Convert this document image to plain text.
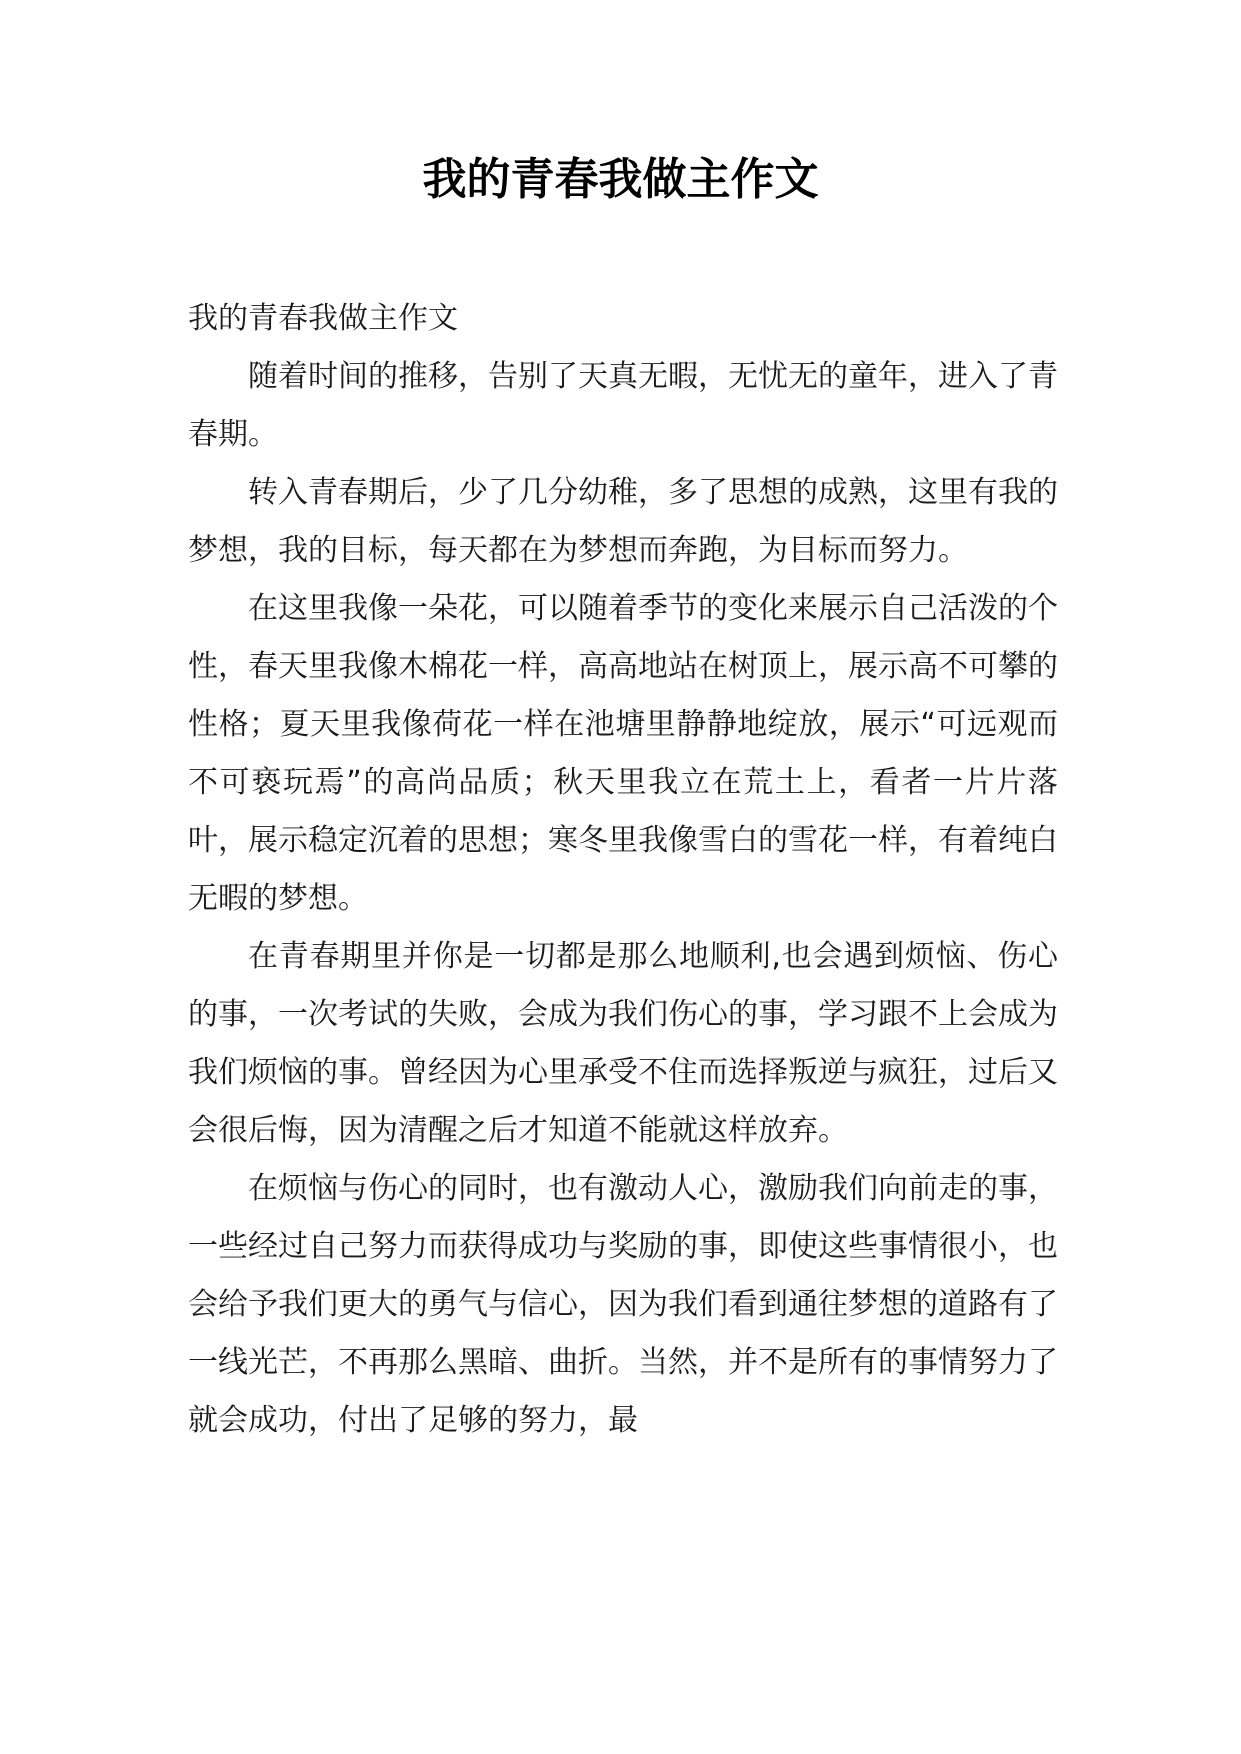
我的青春我做主作文

我的青春我做主作文

随着时间的推移，告别了天真无暇，无忧无的童年，进入了青春期。

转入青春期后，少了几分幼稚，多了思想的成熟，这里有我的梦想，我的目标，每天都在为梦想而奔跑，为目标而努力。

在这里我像一朵花，可以随着季节的变化来展示自己活泼的个性，春天里我像木棉花一样，高高地站在树顶上，展示高不可攀的性格；夏天里我像荷花一样在池塘里静静地绽放，展示“可远观而不可亵玩焉”的高尚品质；秋天里我立在荒土上，看者一片片落叶，展示稳定沉着的思想；寒冬里我像雪白的雪花一样，有着纯白无暇的梦想。

在青春期里并你是一切都是那么地顺利,也会遇到烦恼、伤心的事，一次考试的失败，会成为我们伤心的事，学习跟不上会成为我们烦恼的事。曾经因为心里承受不住而选择叛逆与疯狂，过后又会很后悔，因为清醒之后才知道不能就这样放弃。

在烦恼与伤心的同时，也有激动人心，激励我们向前走的事，一些经过自己努力而获得成功与奖励的事，即使这些事情很小，也会给予我们更大的勇气与信心，因为我们看到通往梦想的道路有了一线光芒，不再那么黑暗、曲折。当然，并不是所有的事情努力了就会成功，付出了足够的努力，最
